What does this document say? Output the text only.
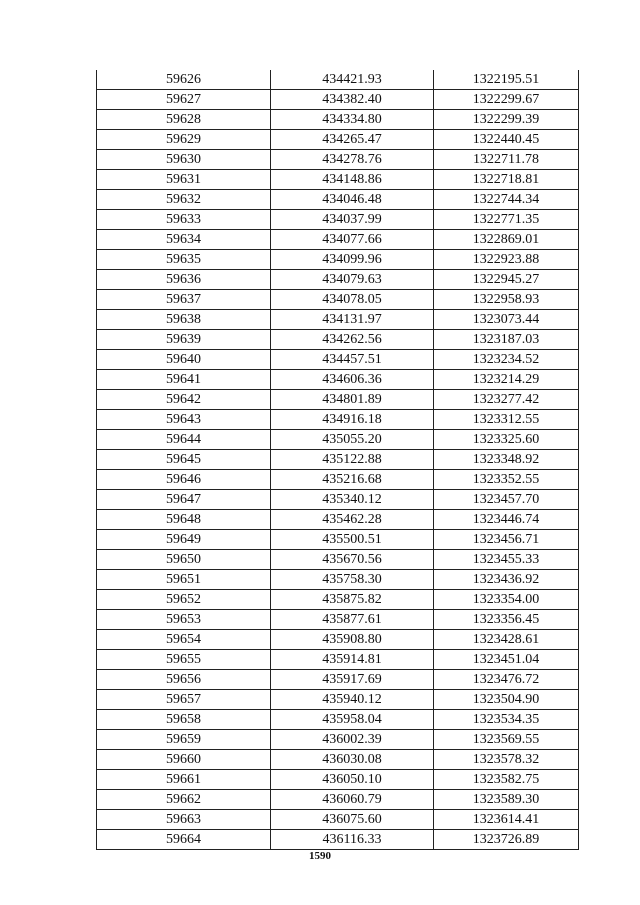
59626	434421.93	1322195.51
59627	434382.40	1322299.67
59628	434334.80	1322299.39
59629	434265.47	1322440.45
59630	434278.76	1322711.78
59631	434148.86	1322718.81
59632	434046.48	1322744.34
59633	434037.99	1322771.35
59634	434077.66	1322869.01
59635	434099.96	1322923.88
59636	434079.63	1322945.27
59637	434078.05	1322958.93
59638	434131.97	1323073.44
59639	434262.56	1323187.03
59640	434457.51	1323234.52
59641	434606.36	1323214.29
59642	434801.89	1323277.42
59643	434916.18	1323312.55
59644	435055.20	1323325.60
59645	435122.88	1323348.92
59646	435216.68	1323352.55
59647	435340.12	1323457.70
59648	435462.28	1323446.74
59649	435500.51	1323456.71
59650	435670.56	1323455.33
59651	435758.30	1323436.92
59652	435875.82	1323354.00
59653	435877.61	1323356.45
59654	435908.80	1323428.61
59655	435914.81	1323451.04
59656	435917.69	1323476.72
59657	435940.12	1323504.90
59658	435958.04	1323534.35
59659	436002.39	1323569.55
59660	436030.08	1323578.32
59661	436050.10	1323582.75
59662	436060.79	1323589.30
59663	436075.60	1323614.41
59664	436116.33	1323726.89
1590
